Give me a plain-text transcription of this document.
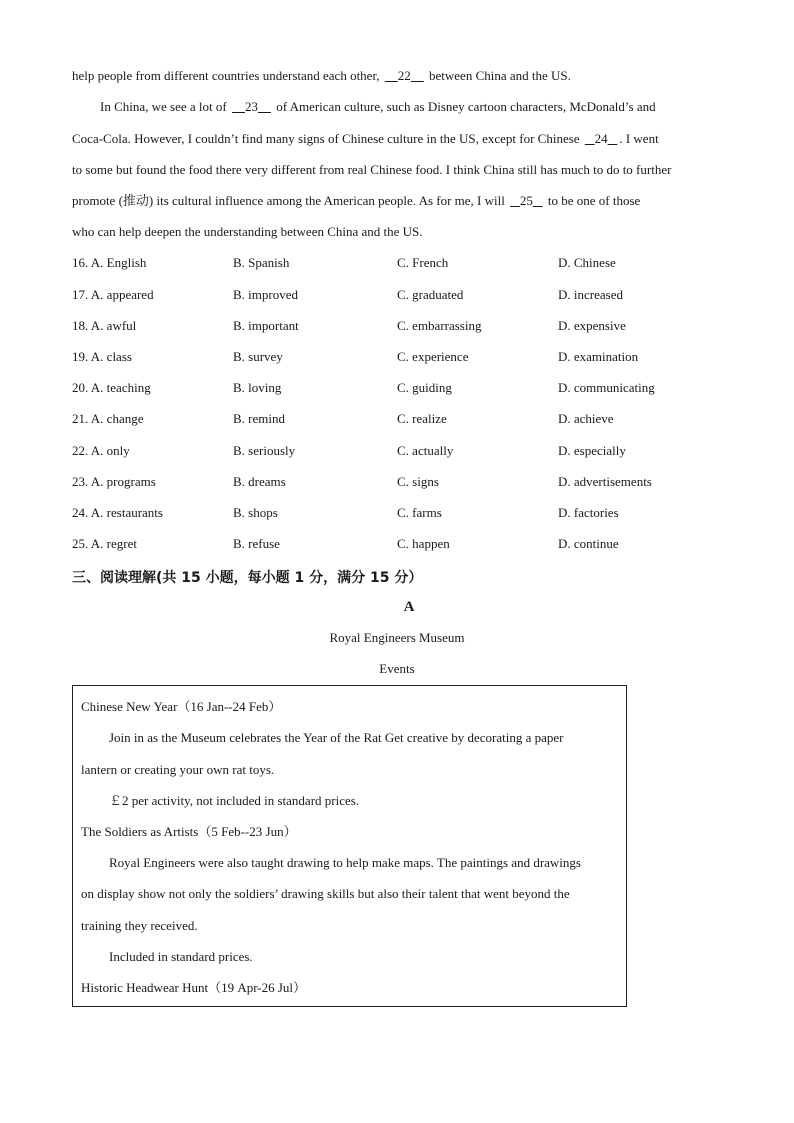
help people from different countries understand each other,     22     between China and the US.
In China, we see a lot of     23     of American culture, such as Disney cartoon characters, McDonald’s and
Coca-Cola. However, I couldn’t find many signs of Chinese culture in the US, except for Chinese    24 . I went
to some but found the food there very different from real Chinese food. I think China still has much to do to further
promote (推动) its cultural influence among the American people. As for me, I will    25    to be one of those
who can help deepen the understanding between China and the US.
16. A. English	B. Spanish	C. French	D. Chinese
17. A. appeared	B. improved	C. graduated	D. increased
18. A. awful	B. important	C. embarrassing	D. expensive
19. A. class	B. survey	C. experience	D. examination
20. A. teaching	B. loving	C. guiding	D. communicating
21. A. change	B. remind	C. realize	D. achieve
22. A. only	B. seriously	C. actually	D. especially
23. A. programs	B. dreams	C. signs	D. advertisements
24. A. restaurants	B. shops	C. farms	D. factories
25. A. regret	B. refuse	C. happen	D. continue
三、阅读理解(共 15 小题，每小题 1 分，满分 15 分）
A
Royal Engineers Museum
Events
Chinese New Year（16 Jan--24 Feb）
Join in as the Museum celebrates the Year of the Rat Get creative by decorating a paper
lantern or creating your own rat toys.
￡2 per activity, not included in standard prices.
The Soldiers as Artists（5 Feb--23 Jun）
Royal Engineers were also taught drawing to help make maps. The paintings and drawings
on display show not only the soldiers’ drawing skills but also their talent that went beyond the
training they received.
Included in standard prices.
Historic Headwear Hunt（19 Apr-26 Jul）
